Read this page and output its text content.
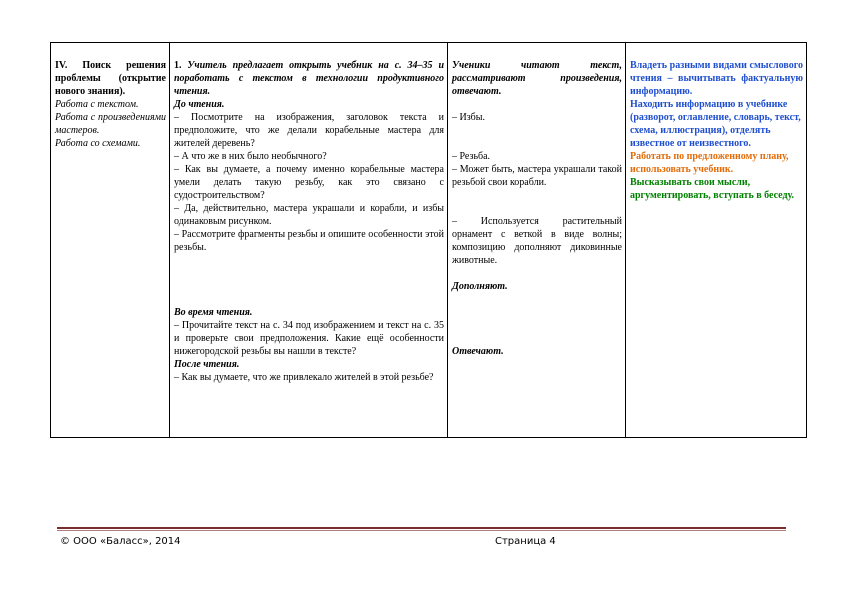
IV. Поиск решения проблемы (открытие нового знания).
Работа с текстом.
Работа с произведениями мастеров.
Работа со схемами.

1. Учитель предлагает открыть учебник на с. 34–35 и поработать с текстом в технологии продуктивного чтения.
До чтения.
– Посмотрите на изображения, заголовок текста и предположите, что же делали корабельные мастера для жителей деревень?
– А что же в них было необычного?
– Как вы думаете, а почему именно корабельные мастера умели делать такую резьбу, как это связано с судостроительством?
– Да, действительно, мастера украшали и корабли, и избы одинаковым рисунком.
– Рассмотрите фрагменты резьбы и опишите особенности этой резьбы.
Во время чтения.
– Прочитайте текст на с. 34 под изображением и текст на с. 35 и проверьте свои предположения. Какие ещё особенности нижегородской резьбы вы нашли в тексте?
После чтения.
– Как вы думаете, что же привлекало жителей в этой резьбе?

Ученики читают текст, рассматривают произведения, отвечают.
– Избы.
– Резьба.
– Может быть, мастера украшали такой резьбой свои корабли.
– Используется растительный орнамент с веткой в виде волны; композицию дополняют диковинные животные.
Дополняют.
Отвечают.

Владеть разными видами смыслового чтения – вычитывать фактуальную информацию.
Находить информацию в учебнике (разворот, оглавление, словарь, текст, схема, иллюстрация), отделять известное от неизвестного.
Работать по предложенному плану, использовать учебник.
Высказывать свои мысли, аргументировать, вступать в беседу.
© ООО «Баласс», 2014	Страница 4
